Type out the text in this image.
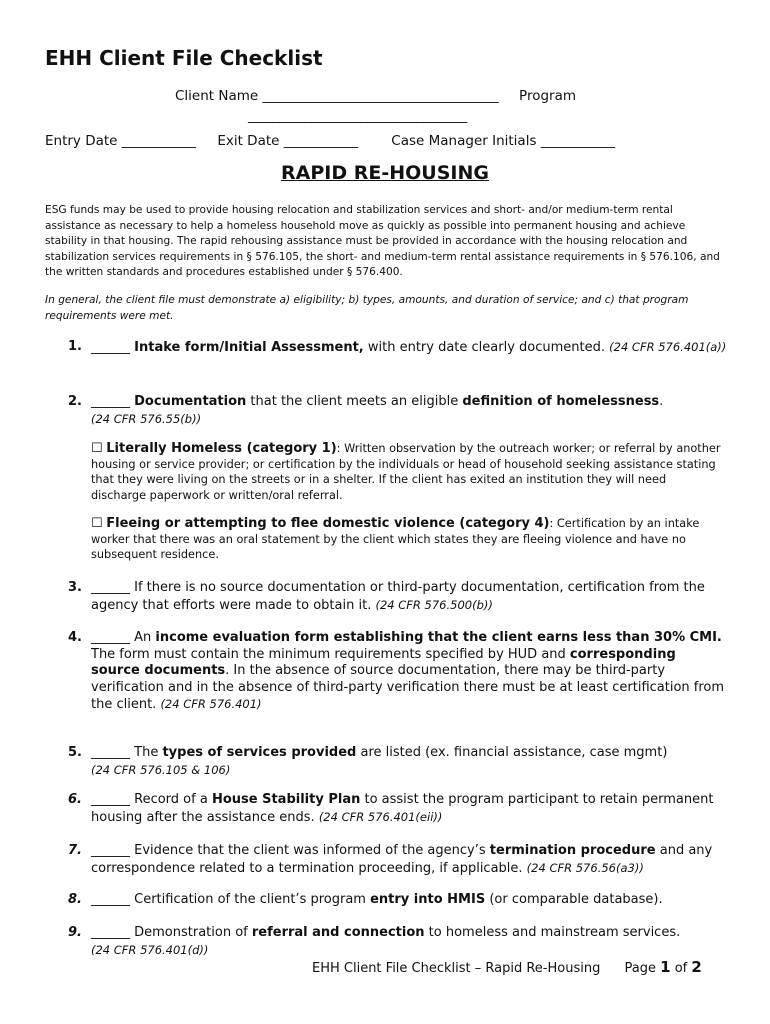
EHH Client File Checklist
Client Name ___________________________________ Program
___________________________________
Entry Date ___________ Exit Date ___________ Case Manager Initials ___________
RAPID RE-HOUSING
ESG funds may be used to provide housing relocation and stabilization services and short- and/or medium-term rental assistance as necessary to help a homeless household move as quickly as possible into permanent housing and achieve stability in that housing. The rapid rehousing assistance must be provided in accordance with the housing relocation and stabilization services requirements in § 576.105, the short- and medium-term rental assistance requirements in § 576.106, and the written standards and procedures established under § 576.400.
In general, the client file must demonstrate a) eligibility; b) types, amounts, and duration of service; and c) that program requirements were met.
1. ______ Intake form/Initial Assessment, with entry date clearly documented. (24 CFR 576.401(a))
2. ______ Documentation that the client meets an eligible definition of homelessness.
(24 CFR 576.55(b))
☐ Literally Homeless (category 1): Written observation by the outreach worker; or referral by another housing or service provider; or certification by the individuals or head of household seeking assistance stating that they were living on the streets or in a shelter. If the client has exited an institution they will need discharge paperwork or written/oral referral.
☐ Fleeing or attempting to flee domestic violence (category 4): Certification by an intake worker that there was an oral statement by the client which states they are fleeing violence and have no subsequent residence.
3. ______ If there is no source documentation or third-party documentation, certification from the agency that efforts were made to obtain it. (24 CFR 576.500(b))
4. ______ An income evaluation form establishing that the client earns less than 30% CMI. The form must contain the minimum requirements specified by HUD and corresponding source documents. In the absence of source documentation, there may be third-party verification and in the absence of third-party verification there must be at least certification from the client. (24 CFR 576.401)
5. ______ The types of services provided are listed (ex. financial assistance, case mgmt)
(24 CFR 576.105 & 106)
6. ______ Record of a House Stability Plan to assist the program participant to retain permanent housing after the assistance ends. (24 CFR 576.401(eii))
7. ______ Evidence that the client was informed of the agency’s termination procedure and any correspondence related to a termination proceeding, if applicable. (24 CFR 576.56(a3))
8. ______ Certification of the client’s program entry into HMIS (or comparable database).
9. ______ Demonstration of referral and connection to homeless and mainstream services.
(24 CFR 576.401(d))
EHH Client File Checklist – Rapid Re-Housing Page 1 of 2
